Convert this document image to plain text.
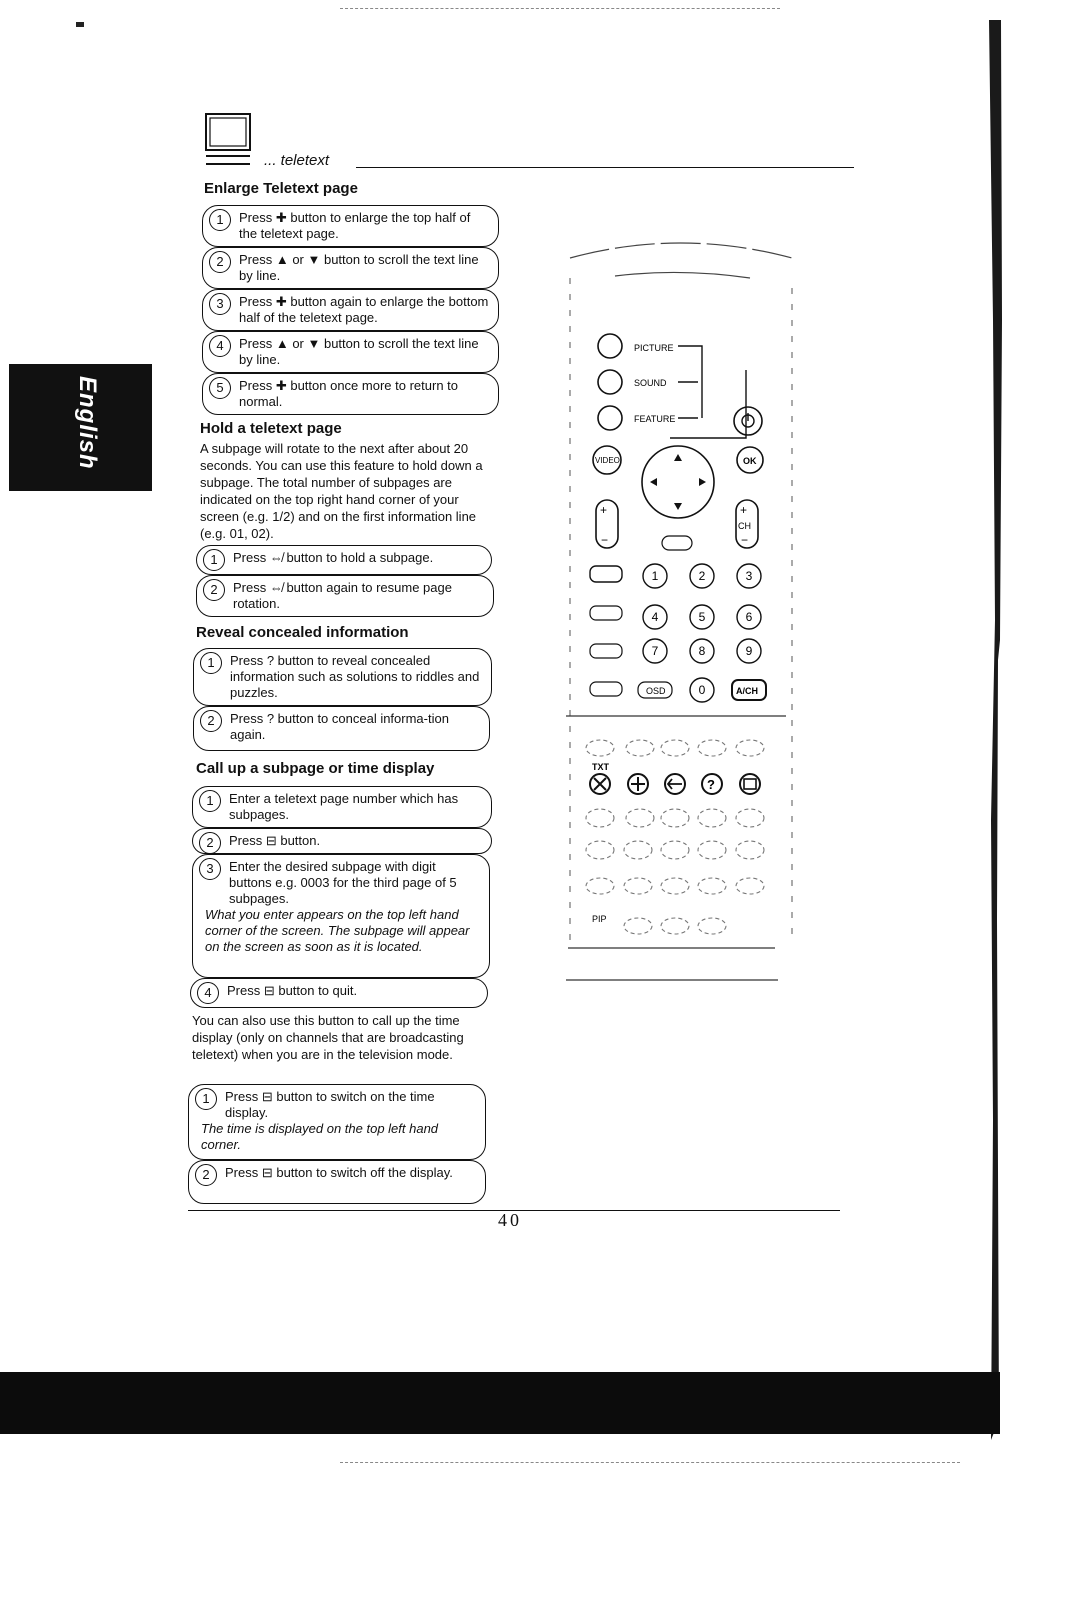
... teletext
English
Enlarge Teletext page
1	Press ✚ button to enlarge the top half of the teletext page.
2	Press ▲ or ▼ button to scroll the text line by line.
3	Press ✚ button again to enlarge the bottom half of the teletext page.
4	Press ▲ or ▼ button to scroll the text line by line.
5	Press ✚ button once more to return to normal.
Hold a teletext page
A subpage will rotate to the next after about 20 seconds. You can use this feature to hold down a subpage. The total number of subpages are indicated on the top right hand corner of your screen (e.g. 1/2) and on the first information line (e.g. 01, 02).
1	Press ⇎ button to hold a subpage.
2	Press ⇎ button again to resume page rotation.
Reveal concealed information
1	Press ? button to reveal concealed information such as solutions to riddles and puzzles.
2	Press ? button to conceal informa-tion again.
Call up a subpage or time display
1	Enter a teletext page number which has subpages.
2	Press ⊟ button.
3	Enter the desired subpage with digit buttons e.g. 0003 for the third page of 5 subpages.
What you enter appears on the top left hand corner of the screen. The subpage will appear on the screen as soon as it is located.
4	Press ⊟ button to quit.
You can also use this button to call up the time display (only on channels that are broadcasting teletext) when you are in the television mode.
1	Press ⊟ button to switch on the time display.
The time is displayed on the top left hand corner.
2	Press ⊟ button to switch off the display.
40
PICTURE
SOUND
FEATURE
VIDEO	OK
+
−
+
CH
−
1	2	3
4	5	6
7	8	9
0
OSD	A/CH
TXT
?
PIP
